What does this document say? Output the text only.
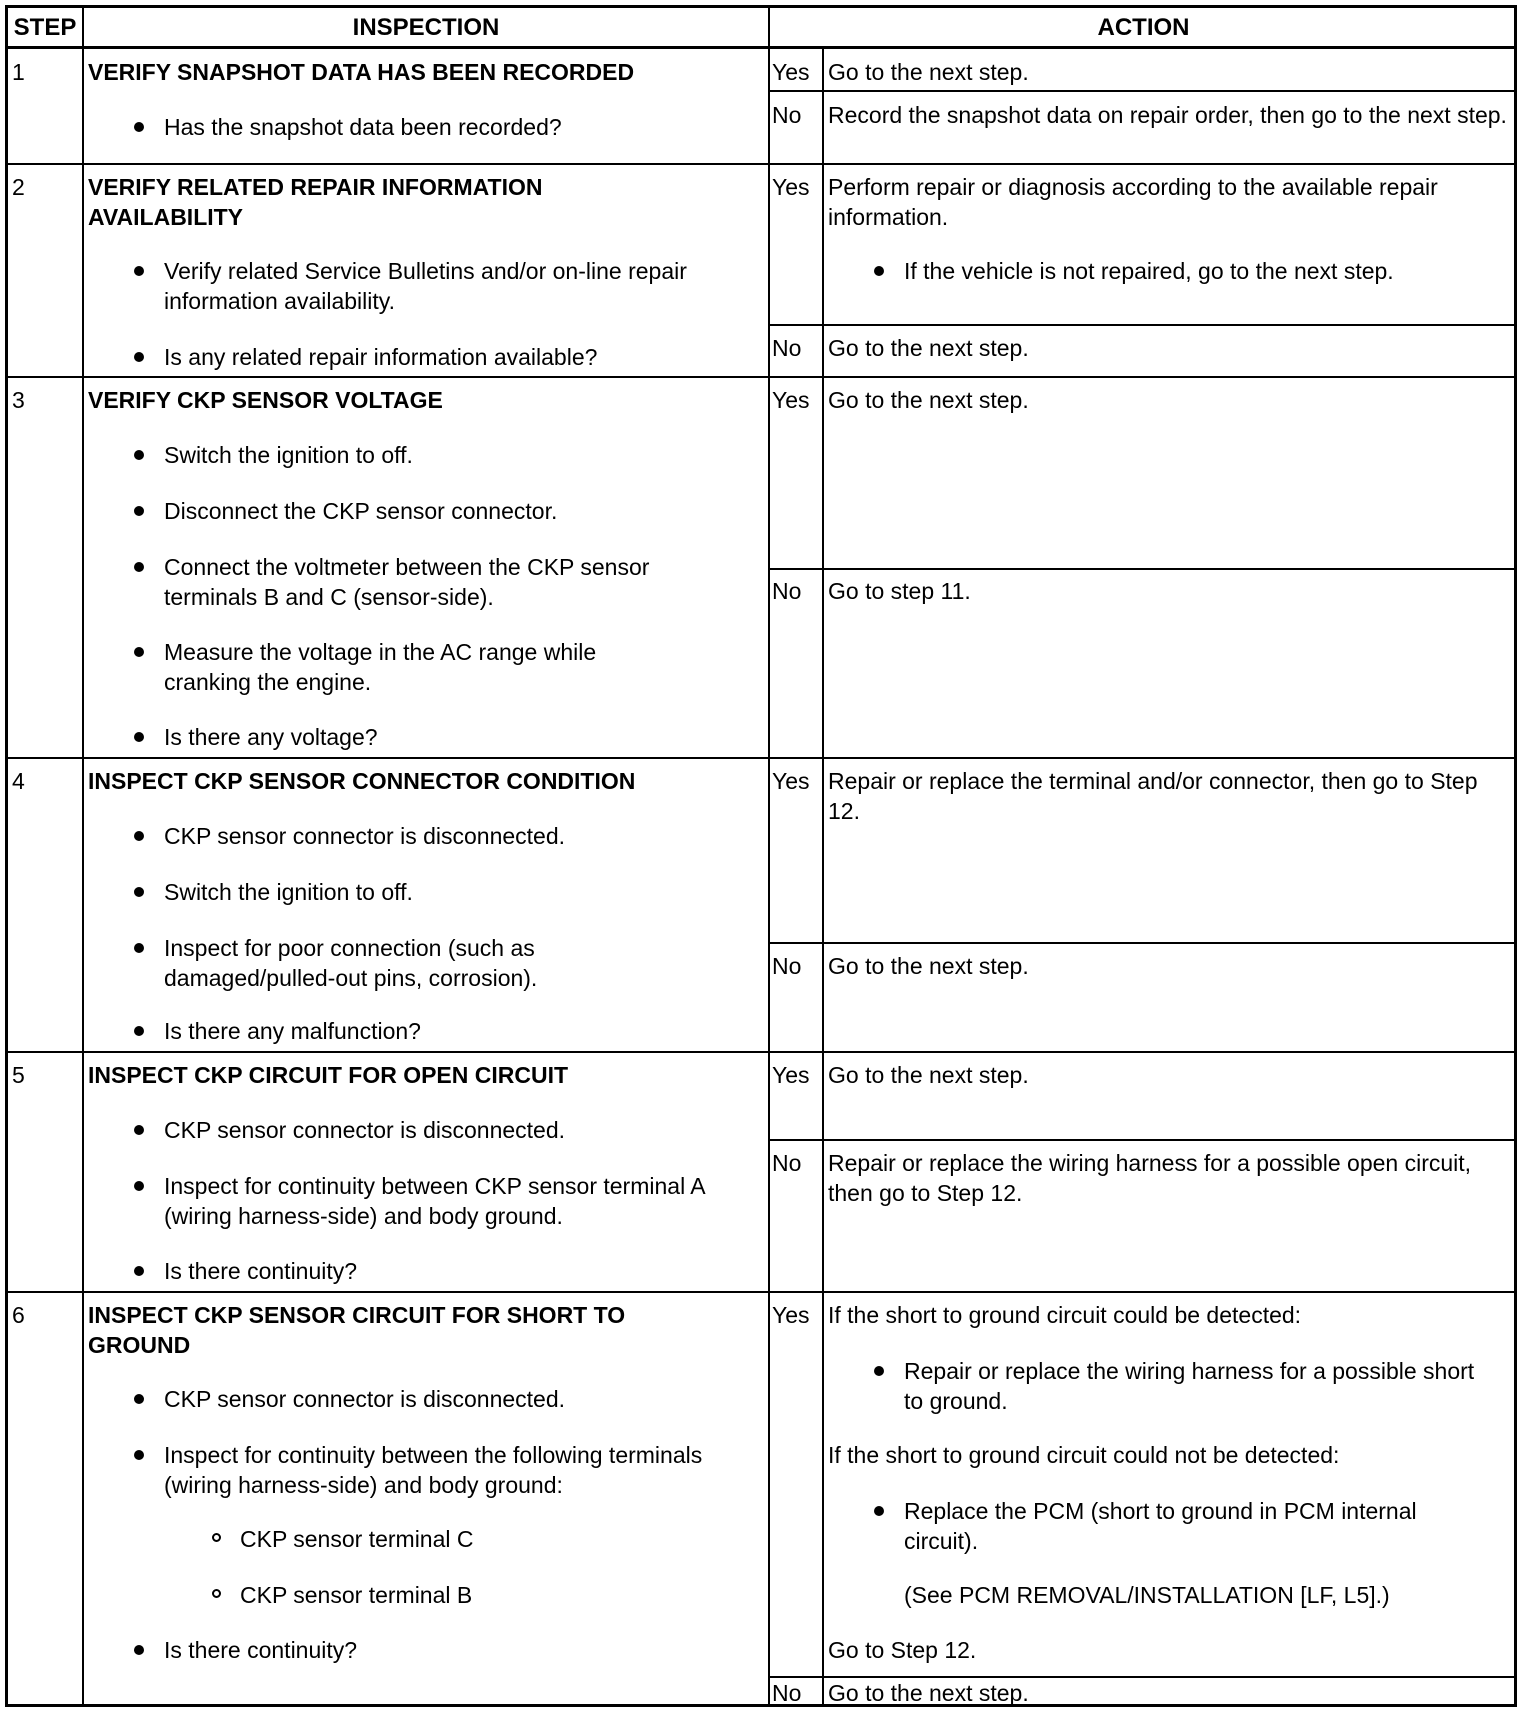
STEP	INSPECTION	ACTION
1	VERIFY SNAPSHOT DATA HAS BEEN RECORDED
Has the snapshot data been recorded?
Yes Go to the next step.
No Record the snapshot data on repair order, then go to the next step.
2	VERIFY RELATED REPAIR INFORMATION AVAILABILITY
Verify related Service Bulletins and/or on-line repair information availability.
Is any related repair information available?
Yes Perform repair or diagnosis according to the available repair information.
If the vehicle is not repaired, go to the next step.
No Go to the next step.
3	VERIFY CKP SENSOR VOLTAGE
Switch the ignition to off.
Disconnect the CKP sensor connector.
Connect the voltmeter between the CKP sensor terminals B and C (sensor-side).
Measure the voltage in the AC range while cranking the engine.
Is there any voltage?
Yes Go to the next step.
No Go to step 11.
4	INSPECT CKP SENSOR CONNECTOR CONDITION
CKP sensor connector is disconnected.
Switch the ignition to off.
Inspect for poor connection (such as damaged/pulled-out pins, corrosion).
Is there any malfunction?
Yes Repair or replace the terminal and/or connector, then go to Step 12.
No Go to the next step.
5	INSPECT CKP CIRCUIT FOR OPEN CIRCUIT
CKP sensor connector is disconnected.
Inspect for continuity between CKP sensor terminal A (wiring harness-side) and body ground.
Is there continuity?
Yes Go to the next step.
No Repair or replace the wiring harness for a possible open circuit, then go to Step 12.
6	INSPECT CKP SENSOR CIRCUIT FOR SHORT TO GROUND
CKP sensor connector is disconnected.
Inspect for continuity between the following terminals (wiring harness-side) and body ground:
CKP sensor terminal C
CKP sensor terminal B
Is there continuity?
Yes If the short to ground circuit could be detected:
Repair or replace the wiring harness for a possible short to ground.
If the short to ground circuit could not be detected:
Replace the PCM (short to ground in PCM internal circuit).
(See PCM REMOVAL/INSTALLATION [LF, L5].)
Go to Step 12.
No Go to the next step.
